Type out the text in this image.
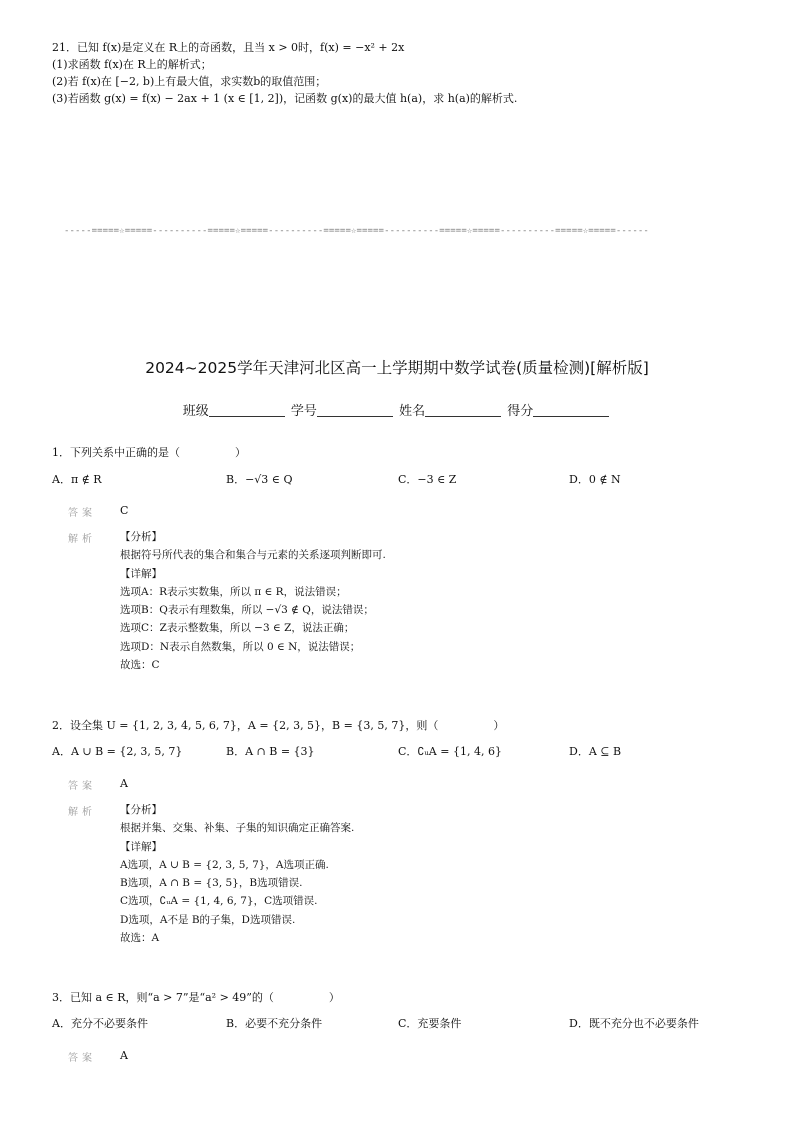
21．已知 f(x)是定义在 R上的奇函数，且当 x > 0时，f(x) = −x² + 2x
(1)求函数 f(x)在 R上的解析式；
(2)若 f(x)在 [−2, b)上有最大值，求实数b的取值范围；
(3)若函数 g(x) = f(x) − 2ax + 1 (x ∈ [1, 2])，记函数 g(x)的最大值 h(a)，求 h(a)的解析式.
-----=====☆=====----------=====☆=====----------=====☆=====----------=====☆=====----------=====☆=====------
2024~2025学年天津河北区高一上学期期中数学试卷(质量检测)[解析版]
班级	学号	姓名	得分
1．下列关系中正确的是（　　　　　）
A．π ∉ R	B．−√3 ∈ Q	C．−3 ∈ Z	D．0 ∉ N
答案 C
解析 【分析】
根据符号所代表的集合和集合与元素的关系逐项判断即可.
【详解】
选项A：R表示实数集，所以 π ∈ R，说法错误；
选项B：Q表示有理数集，所以 −√3 ∉ Q，说法错误；
选项C：Z表示整数集，所以 −3 ∈ Z，说法正确；
选项D：N表示自然数集，所以 0 ∈ N，说法错误；
故选：C
2．设全集 U = {1, 2, 3, 4, 5, 6, 7}，A = {2, 3, 5}，B = {3, 5, 7}，则（　　　　　）
A．A ∪ B = {2, 3, 5, 7}	B．A ∩ B = {3}	C．∁ᵤA = {1, 4, 6}	D．A ⊆ B
答案 A
解析 【分析】
根据并集、交集、补集、子集的知识确定正确答案.
【详解】
A选项，A ∪ B = {2, 3, 5, 7}，A选项正确.
B选项，A ∩ B = {3, 5}，B选项错误.
C选项，∁ᵤA = {1, 4, 6, 7}，C选项错误.
D选项，A不是 B的子集，D选项错误.
故选：A
3．已知 a ∈ R，则“a > 7”是“a² > 49”的（　　　　　）
A．充分不必要条件	B．必要不充分条件	C．充要条件	D．既不充分也不必要条件
答案 A
